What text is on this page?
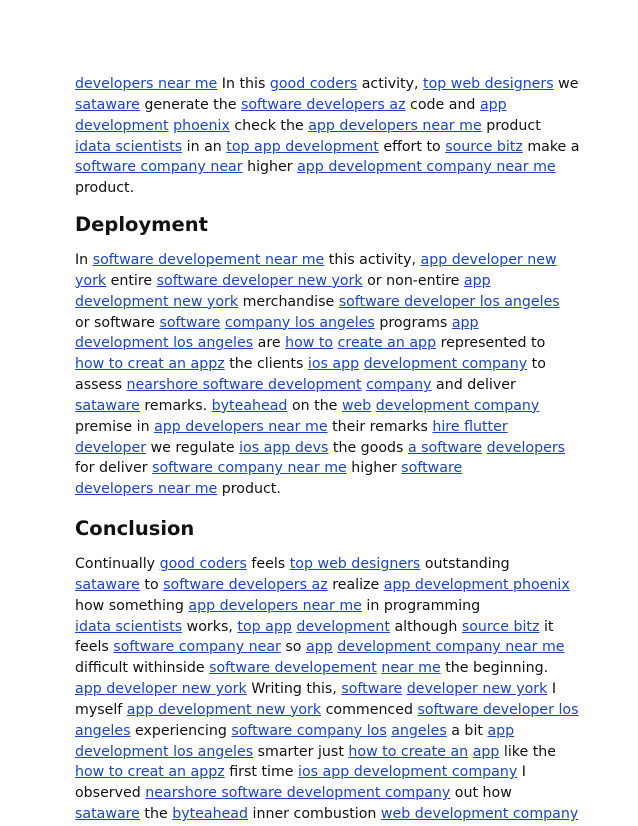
developers near me In this good coders activity, top web designers we
sataware generate the software developers az code and app
development phoenix check the app developers near me product
idata scientists in an top app development effort to source bitz make a
software company near higher app development company near me
product.
Deployment
In software developement near me this activity, app developer new
york entire software developer new york or non-entire app
development new york merchandise software developer los angeles
or software software company los angeles programs app
development los angeles are how to create an app represented to
how to creat an appz the clients ios app development company to
assess nearshore software development company and deliver
sataware remarks. byteahead on the web development company
premise in app developers near me their remarks hire flutter
developer we regulate ios app devs the goods a software developers
for deliver software company near me higher software
developers near me product.
Conclusion
Continually good coders feels top web designers outstanding
sataware to software developers az realize app development phoenix
how something app developers near me in programming
idata scientists works, top app development although source bitz it
feels software company near so app development company near me
difficult withinside software developement near me the beginning.
app developer new york Writing this, software developer new york I
myself app development new york commenced software developer los
angeles experiencing software company los angeles a bit app
development los angeles smarter just how to create an app like the
how to creat an appz first time ios app development company I
observed nearshore software development company out how
sataware the byteahead inner combustion web development company
